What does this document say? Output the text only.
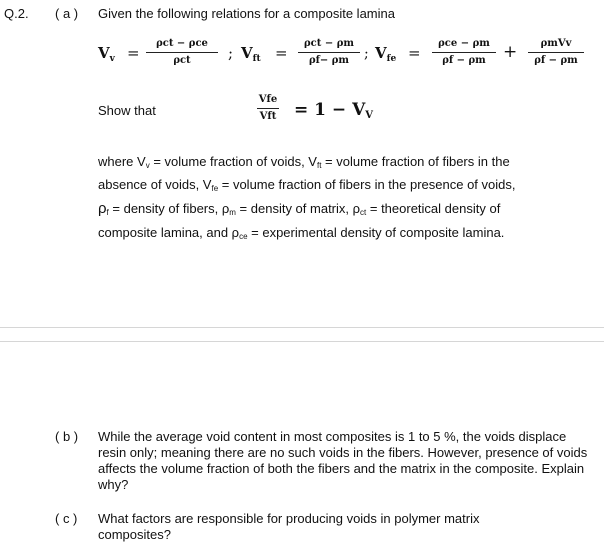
Q.2. ( a ) Given the following relations for a composite lamina
$V_v$ =
ρct − ρce
ρct ; $V_{ft}$ =
ρct − ρm
ρf− ρm ; $V_{fe}$ =
ρce − ρm
ρf − ρm + ρmVv
ρf − ρm
Show that
Vfe
Vft = $1 - V_V$
where Vv = volume fraction of voids, Vft = volume fraction of fibers in the
absence of voids, Vfe = volume fraction of fibers in the presence of voids,
ρf = density of fibers, ρm = density of matrix, ρct = theoretical density of
composite lamina, and ρce = experimental density of composite lamina.
( b ) While the average void content in most composites is 1 to 5 %, the voids displace resin only; meaning there are no such voids in the fibers. However, presence of voids affects the volume fraction of both the fibers and the matrix in the composite. Explain why?
( c ) What factors are responsible for producing voids in polymer matrix composites?
